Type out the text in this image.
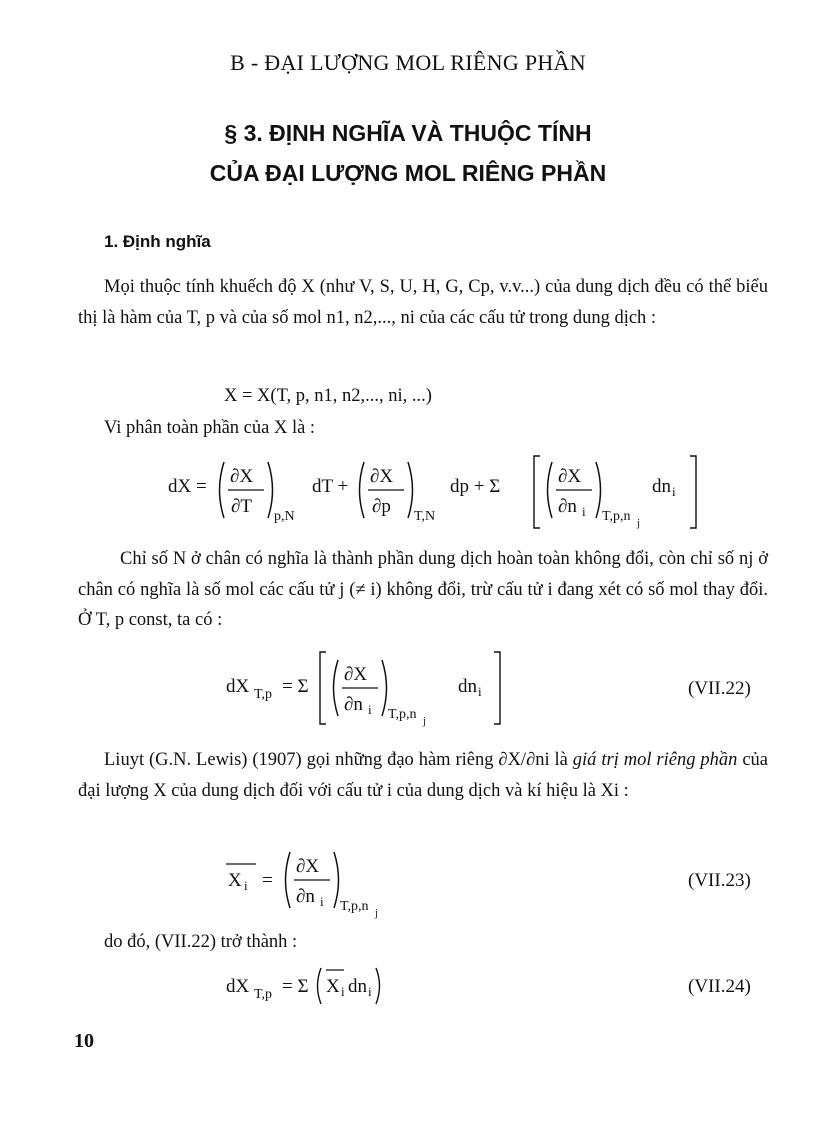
B - ĐẠI LƯỢNG MOL RIÊNG PHẦN
§ 3. ĐỊNH NGHĨA VÀ THUỘC TÍNH
CỦA ĐẠI LƯỢNG MOL RIÊNG PHẦN
1. Định nghĩa
Mọi thuộc tính khuếch độ X (như V, S, U, H, G, Cp, v.v...) của dung dịch đều có thể biểu thị là hàm của T, p và của số mol n1, n2,..., ni của các cấu tử trong dung dịch :
X = X(T, p, n1, n2,..., ni, ...)
Vi phân toàn phần của X là :
dX = ∂X
∂T p,N
dT + ∂X
∂p T,N
dp + Σ	∂X
∂n i T,p,n j
dn i
Chỉ số N ở chân có nghĩa là thành phần dung dịch hoàn toàn không đổi, còn chỉ số nj ở chân có nghĩa là số mol các cấu tử j (≠ i) không đổi, trừ cấu tử i đang xét có số mol thay đổi. Ở T, p const, ta có :
dX T,p = Σ
∂X
∂n i T,p,n j
dn i	(VII.22)
Liuyt (G.N. Lewis) (1907) gọi những đạo hàm riêng ∂X/∂ni là giá trị mol riêng phần của đại lượng X của dung dịch đối với cấu tử i của dung dịch và kí hiệu là Xi :
X i =
∂X
∂n i T,p,n j
(VII.23)
do đó, (VII.22) trở thành :
dX T,p = Σ X i dn i	(VII.24)
10
